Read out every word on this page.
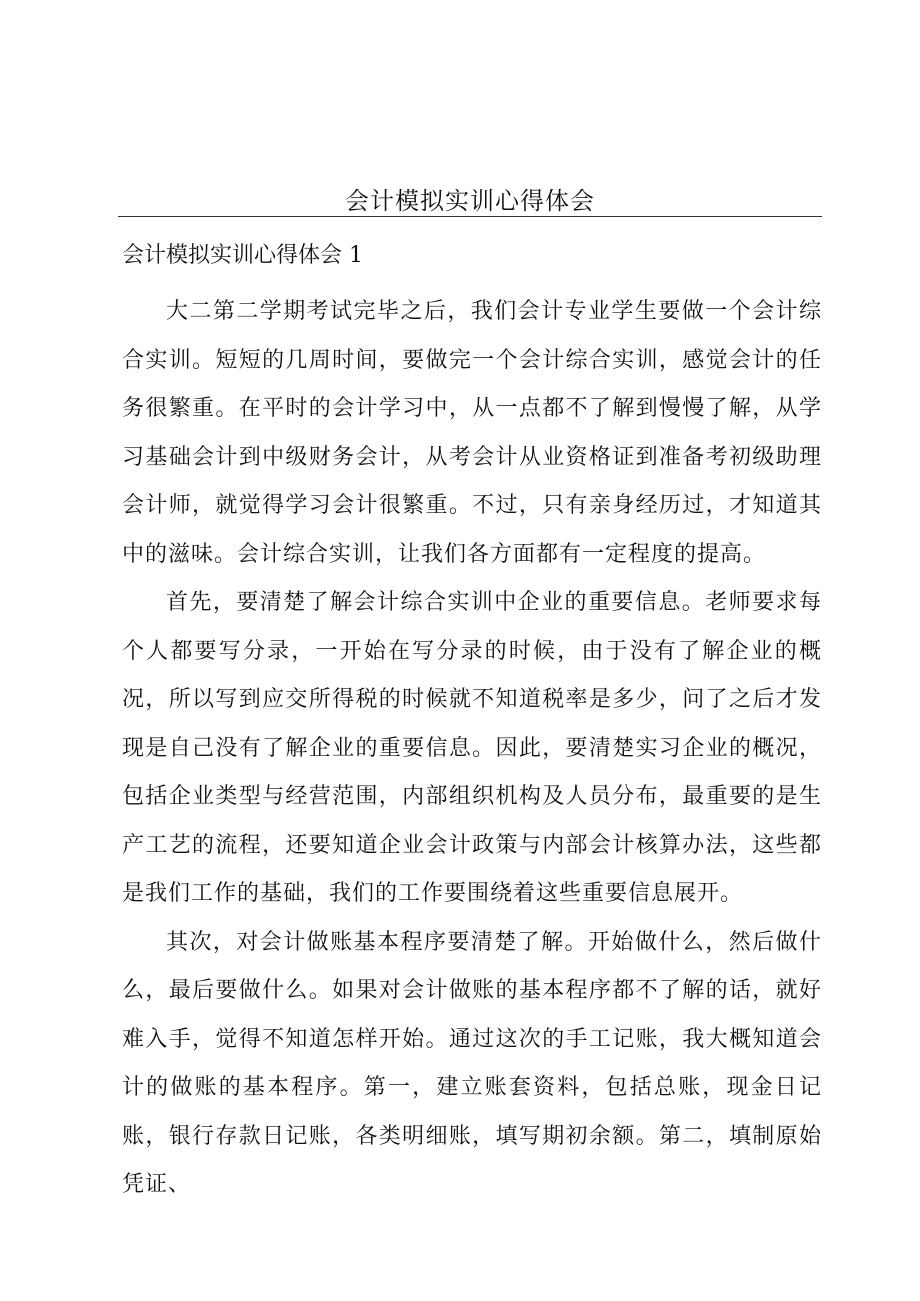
会计模拟实训心得体会
会计模拟实训心得体会 1

大二第二学期考试完毕之后，我们会计专业学生要做一个会计综合实训。短短的几周时间，要做完一个会计综合实训，感觉会计的任务很繁重。在平时的会计学习中，从一点都不了解到慢慢了解，从学习基础会计到中级财务会计，从考会计从业资格证到准备考初级助理会计师，就觉得学习会计很繁重。不过，只有亲身经历过，才知道其中的滋味。会计综合实训，让我们各方面都有一定程度的提高。

首先，要清楚了解会计综合实训中企业的重要信息。老师要求每个人都要写分录，一开始在写分录的时候，由于没有了解企业的概况，所以写到应交所得税的时候就不知道税率是多少，问了之后才发现是自己没有了解企业的重要信息。因此，要清楚实习企业的概况，包括企业类型与经营范围，内部组织机构及人员分布，最重要的是生产工艺的流程，还要知道企业会计政策与内部会计核算办法，这些都是我们工作的基础，我们的工作要围绕着这些重要信息展开。

其次，对会计做账基本程序要清楚了解。开始做什么，然后做什么，最后要做什么。如果对会计做账的基本程序都不了解的话，就好难入手，觉得不知道怎样开始。通过这次的手工记账，我大概知道会计的做账的基本程序。第一，建立账套资料，包括总账，现金日记账，银行存款日记账，各类明细账，填写期初余额。第二，填制原始凭证、
